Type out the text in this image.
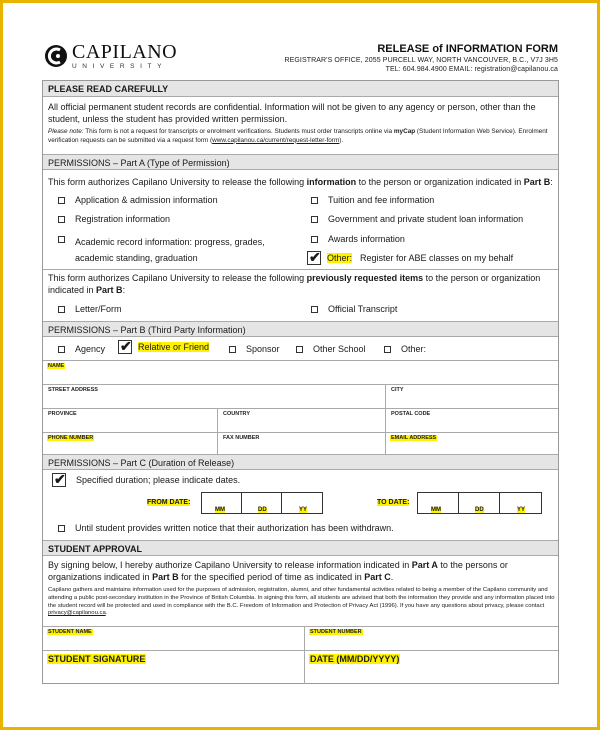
CAPILANO
UNIVERSITY
RELEASE of INFORMATION FORM
REGISTRAR'S OFFICE, 2055 PURCELL WAY, NORTH VANCOUVER, B.C., V7J 3H5
TEL: 604.984.4900 EMAIL: registration@capilanou.ca
PLEASE READ CAREFULLY
All official permanent student records are confidential. Information will not be given to any agency or person, other than the student, unless the student has provided written permission.
Please note: This form is not a request for transcripts or enrolment verifications. Students must order transcripts online via myCap (Student Information Web Service). Enrolment verification requests can be submitted via a request form (www.capilanou.ca/current/request-letter-form).
PERMISSIONS – Part A (Type of Permission)
This form authorizes Capilano University to release the following information to the person or organization indicated in Part B:
Application & admission information
Registration information
Academic record information: progress, grades,
academic standing, graduation
Tuition and fee information
Government and private student loan information
Awards information
✔ Other: Register for ABE classes on my behalf
This form authorizes Capilano University to release the following previously requested items to the person or organization indicated in Part B:
Letter/Form	Official Transcript
PERMISSIONS – Part B (Third Party Information)
Agency ✔ Relative or Friend	Sponsor	Other School	Other:
NAME
STREET ADDRESS	CITY
PROVINCE	COUNTRY	POSTAL CODE
PHONE NUMBER	FAX NUMBER	EMAIL ADDRESS
PERMISSIONS – Part C (Duration of Release)
✔ Specified duration; please indicate dates.
FROM DATE:
MM	DD	YY
TO DATE:
MM	DD	YY
Until student provides written notice that their authorization has been withdrawn.
STUDENT APPROVAL
By signing below, I hereby authorize Capilano University to release information indicated in Part A to the persons or organizations indicated in Part B for the specified period of time as indicated in Part C.
Capilano gathers and maintains information used for the purposes of admission, registration, alumni, and other fundamental activities related to being a member of the Capilano community and attending a public post-secondary institution in the Province of British Columbia. In signing this form, all students are advised that both the information they provide and any information placed into the student record will be protected and used in compliance with the B.C. Freedom of Information and Protection of Privacy Act (1996). If you have any questions about privacy, please contact privacy@capilanou.ca.
STUDENT NAME	STUDENT NUMBER
STUDENT SIGNATURE	DATE (MM/DD/YYYY)
